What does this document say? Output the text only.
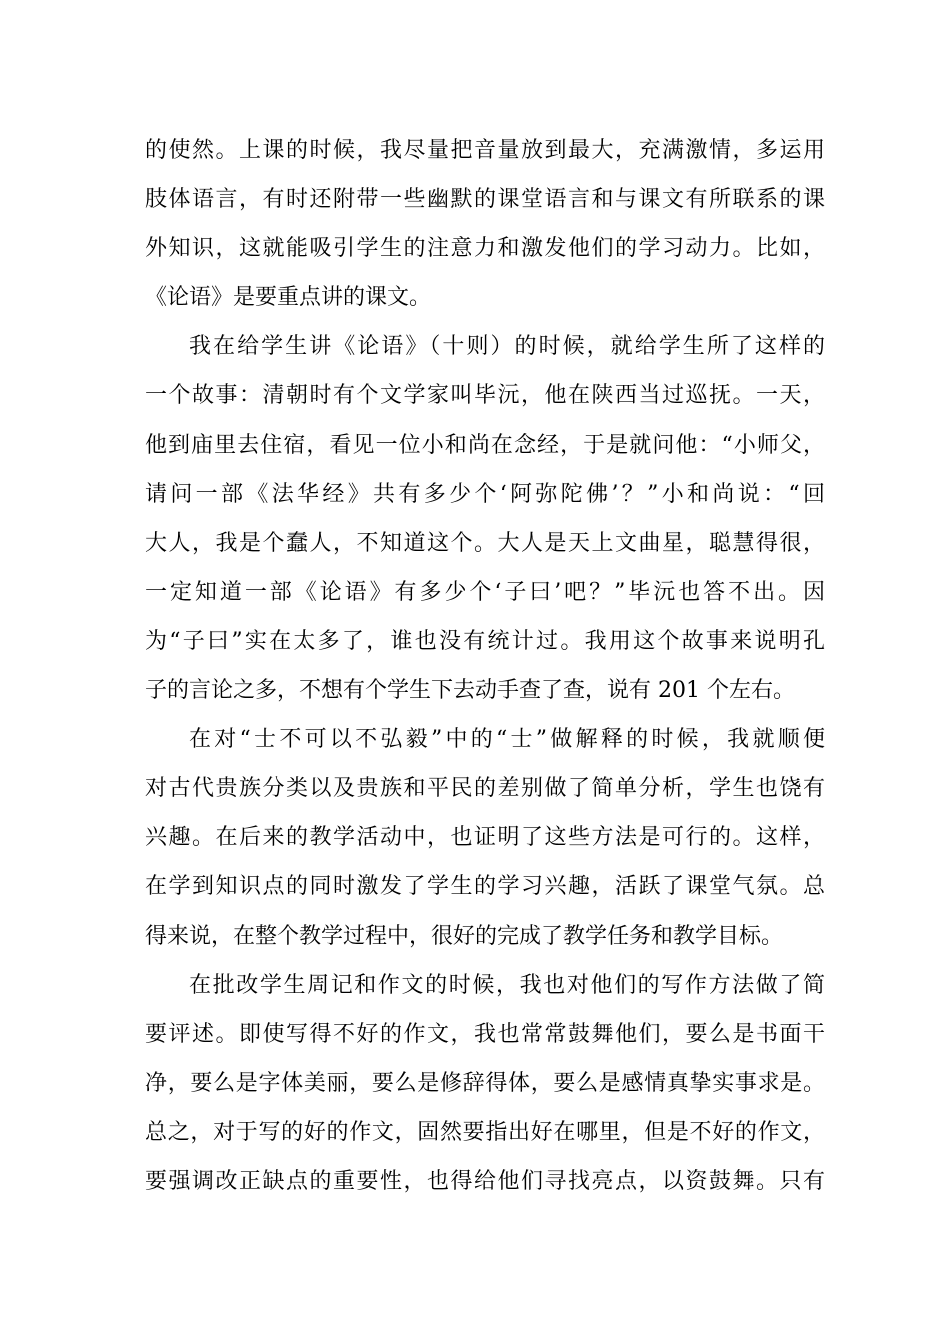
的使然。上课的时候，我尽量把音量放到最大，充满激情，多运用
肢体语言，有时还附带一些幽默的课堂语言和与课文有所联系的课
外知识，这就能吸引学生的注意力和激发他们的学习动力。比如，
《论语》是要重点讲的课文。
我在给学生讲《论语》（十则）的时候，就给学生所了这样的
一个故事：清朝时有个文学家叫毕沅，他在陕西当过巡抚。一天，
他到庙里去住宿，看见一位小和尚在念经，于是就问他：“小师父，
请问一部《法华经》共有多少个‘阿弥陀佛’？”小和尚说：“回
大人，我是个蠢人，不知道这个。大人是天上文曲星，聪慧得很，
一定知道一部《论语》有多少个‘子曰’吧？”毕沅也答不出。因
为“子曰”实在太多了，谁也没有统计过。我用这个故事来说明孔
子的言论之多，不想有个学生下去动手查了查，说有 201 个左右。
在对“士不可以不弘毅”中的“士”做解释的时候，我就顺便
对古代贵族分类以及贵族和平民的差别做了简单分析，学生也饶有
兴趣。在后来的教学活动中，也证明了这些方法是可行的。这样，
在学到知识点的同时激发了学生的学习兴趣，活跃了课堂气氛。总
得来说，在整个教学过程中，很好的完成了教学任务和教学目标。
在批改学生周记和作文的时候，我也对他们的写作方法做了简
要评述。即使写得不好的作文，我也常常鼓舞他们，要么是书面干
净，要么是字体美丽，要么是修辞得体，要么是感情真挚实事求是。
总之，对于写的好的作文，固然要指出好在哪里，但是不好的作文，
要强调改正缺点的重要性，也得给他们寻找亮点，以资鼓舞。只有
